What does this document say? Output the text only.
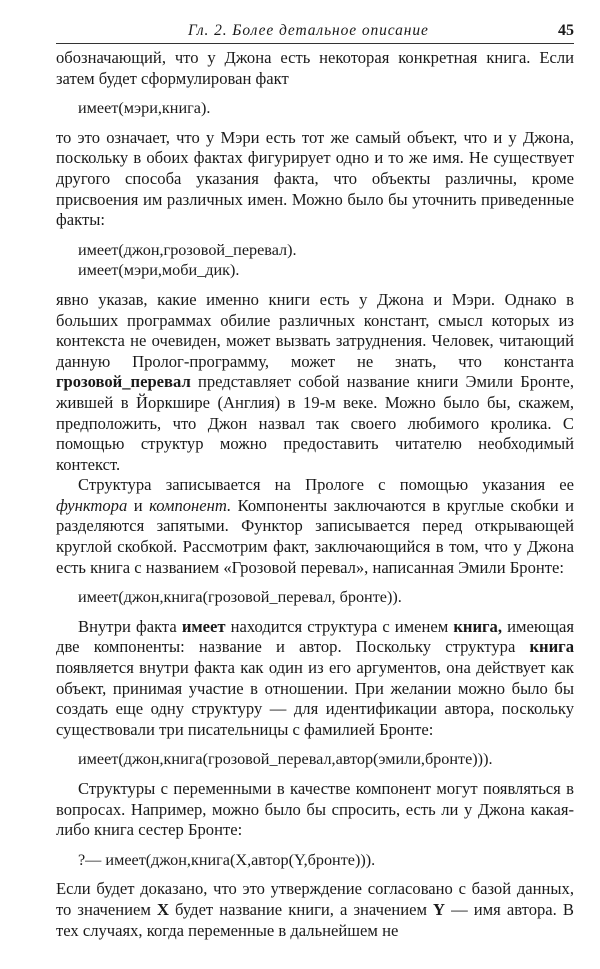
Гл. 2. Более детальное описание	45

обозначающий, что у Джона есть некоторая конкретная книга. Если затем будет сформулирован факт

имеет(мэри,книга).

то это означает, что у Мэри есть тот же самый объект, что и у Джона, поскольку в обоих фактах фигурирует одно и то же имя. Не существует другого способа указания факта, что объекты различны, кроме присвоения им различных имен. Можно было бы уточнить приведенные факты:

имеет(джон,грозовой_перевал).
имеет(мэри,моби_дик).

явно указав, какие именно книги есть у Джона и Мэри. Однако в больших программах обилие различных констант, смысл которых из контекста не очевиден, может вызвать затруднения. Человек, читающий данную Пролог-программу, может не знать, что константа грозовой_перевал представляет собой название книги Эмили Бронте, жившей в Йоркшире (Англия) в 19-м веке. Можно было бы, скажем, предположить, что Джон назвал так своего любимого кролика. С помощью структур можно предоставить читателю необходимый контекст.

Структура записывается на Прологе с помощью указания ее функтора и компонент. Компоненты заключаются в круглые скобки и разделяются запятыми. Функтор записывается перед открывающей круглой скобкой. Рассмотрим факт, заключающийся в том, что у Джона есть книга с названием «Грозовой перевал», написанная Эмили Бронте:

имеет(джон,книга(грозовой_перевал, бронте)).

Внутри факта имеет находится структура с именем книга, имеющая две компоненты: название и автор. Поскольку структура книга появляется внутри факта как один из его аргументов, она действует как объект, принимая участие в отношении. При желании можно было бы создать еще одну структуру — для идентификации автора, поскольку существовали три писательницы с фамилией Бронте:

имеет(джон,книга(грозовой_перевал,автор(эмили,бронте))).

Структуры с переменными в качестве компонент могут появляться в вопросах. Например, можно было бы спросить, есть ли у Джона какая-либо книга сестер Бронте:

?— имеет(джон,книга(X,автор(Y,бронте))).

Если будет доказано, что это утверждение согласовано с базой данных, то значением X будет название книги, а значением Y — имя автора. В тех случаях, когда переменные в дальнейшем не
